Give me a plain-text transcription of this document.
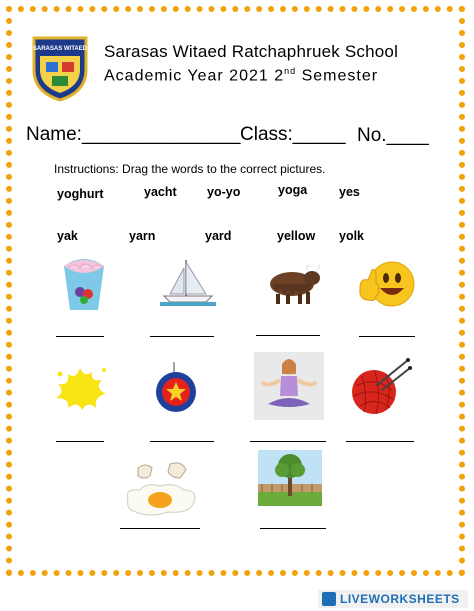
SARASAS WITAED Sarasas Witaed Ratchaphruek School
Academic Year 2021 2nd Semester
Name:_______________ Class:_____ No.____
Instructions: Drag the words to the correct pictures.
yoghurt	yacht yo-yo	yoga	yes
yak	yarn	yard	yellow yolk
LIVEWORKSHEETS
